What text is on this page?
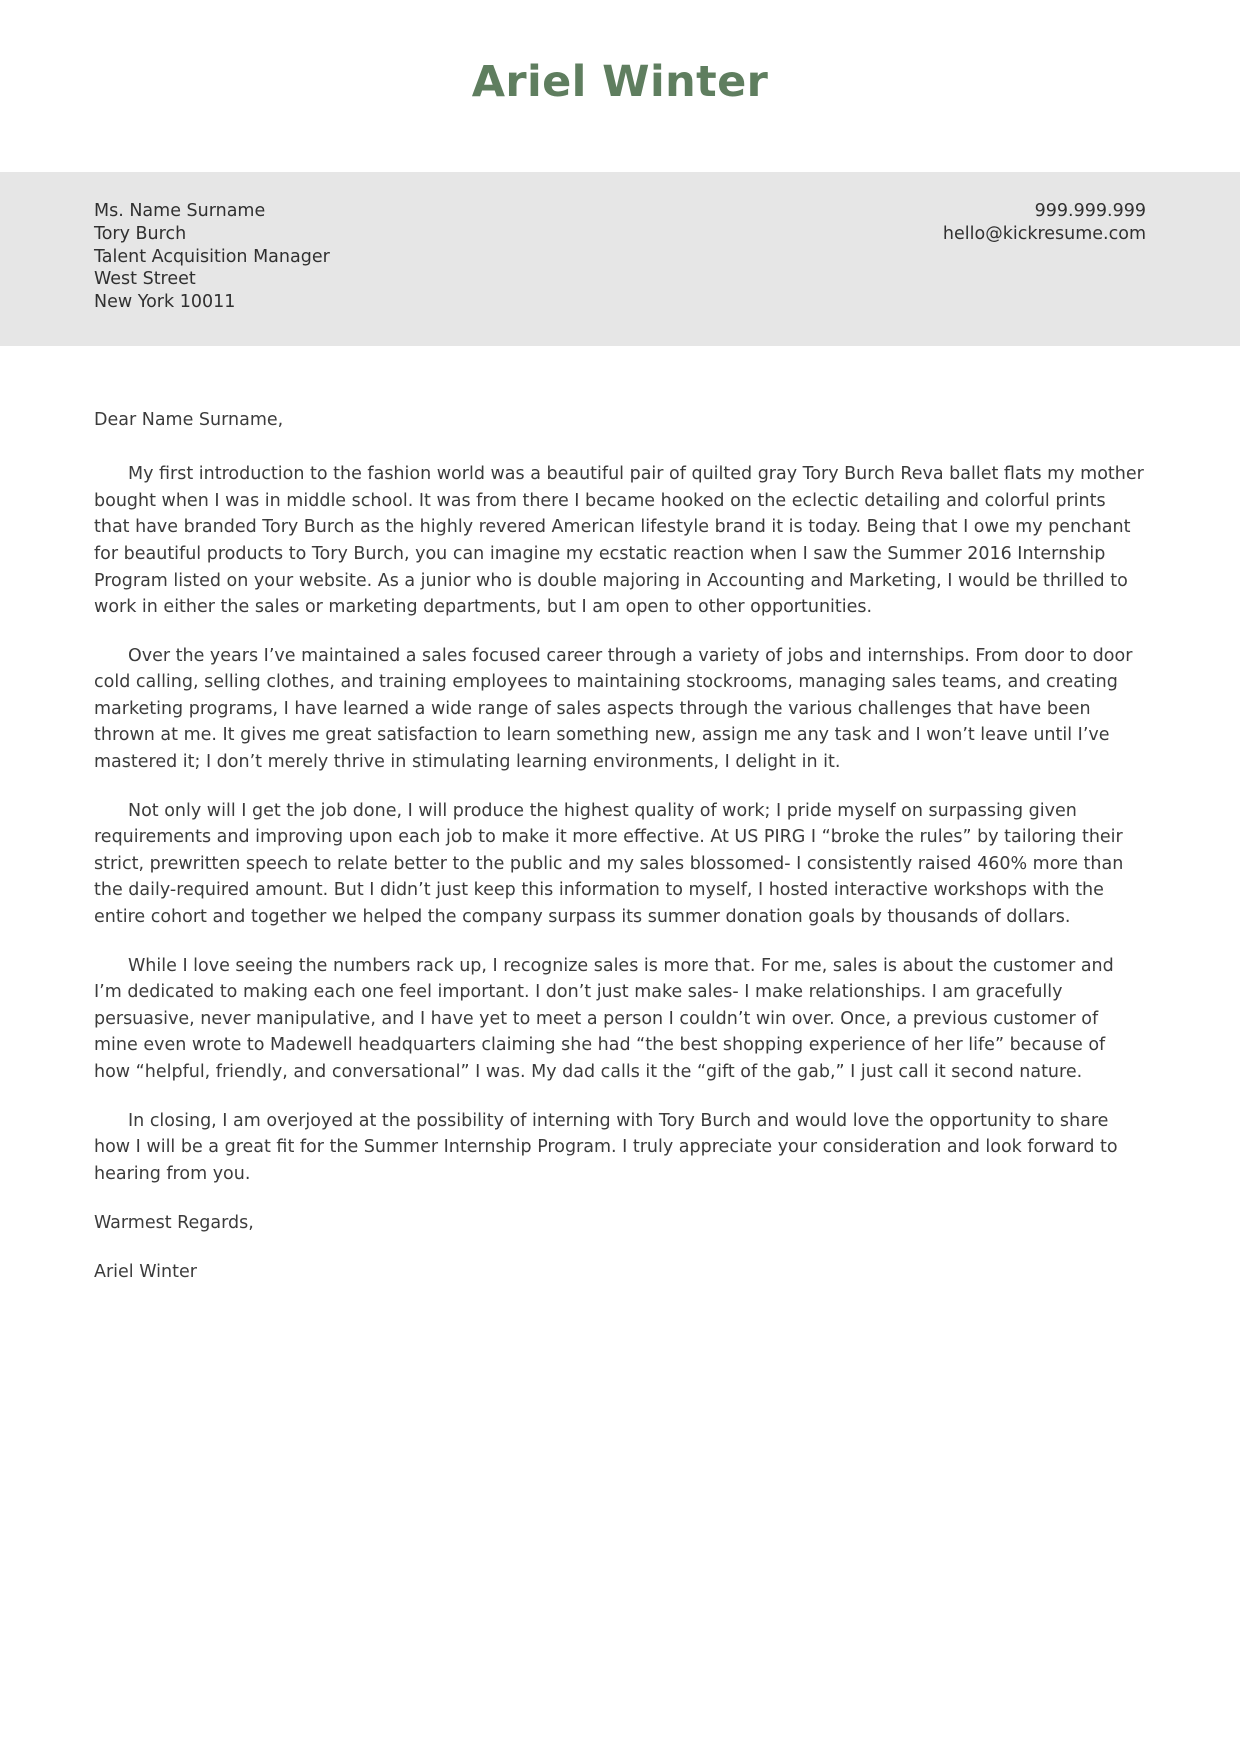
Ariel Winter
Ms. Name Surname
Tory Burch
Talent Acquisition Manager
West Street
New York 10011
999.999.999
hello@kickresume.com

Dear Name Surname,

My first introduction to the fashion world was a beautiful pair of quilted gray Tory Burch Reva ballet flats my mother bought when I was in middle school. It was from there I became hooked on the eclectic detailing and colorful prints that have branded Tory Burch as the highly revered American lifestyle brand it is today. Being that I owe my penchant for beautiful products to Tory Burch, you can imagine my ecstatic reaction when I saw the Summer 2016 Internship Program listed on your website. As a junior who is double majoring in Accounting and Marketing, I would be thrilled to work in either the sales or marketing departments, but I am open to other opportunities.

Over the years I’ve maintained a sales focused career through a variety of jobs and internships. From door to door cold calling, selling clothes, and training employees to maintaining stockrooms, managing sales teams, and creating marketing programs, I have learned a wide range of sales aspects through the various challenges that have been thrown at me. It gives me great satisfaction to learn something new, assign me any task and I won’t leave until I’ve mastered it; I don’t merely thrive in stimulating learning environments, I delight in it.

Not only will I get the job done, I will produce the highest quality of work; I pride myself on surpassing given requirements and improving upon each job to make it more effective. At US PIRG I “broke the rules” by tailoring their strict, prewritten speech to relate better to the public and my sales blossomed- I consistently raised 460% more than the daily-required amount. But I didn’t just keep this information to myself, I hosted interactive workshops with the entire cohort and together we helped the company surpass its summer donation goals by thousands of dollars.

While I love seeing the numbers rack up, I recognize sales is more that. For me, sales is about the customer and I’m dedicated to making each one feel important. I don’t just make sales- I make relationships. I am gracefully persuasive, never manipulative, and I have yet to meet a person I couldn’t win over. Once, a previous customer of mine even wrote to Madewell headquarters claiming she had “the best shopping experience of her life” because of how “helpful, friendly, and conversational” I was. My dad calls it the “gift of the gab,” I just call it second nature.

In closing, I am overjoyed at the possibility of interning with Tory Burch and would love the opportunity to share how I will be a great fit for the Summer Internship Program. I truly appreciate your consideration and look forward to hearing from you.

Warmest Regards,

Ariel Winter
